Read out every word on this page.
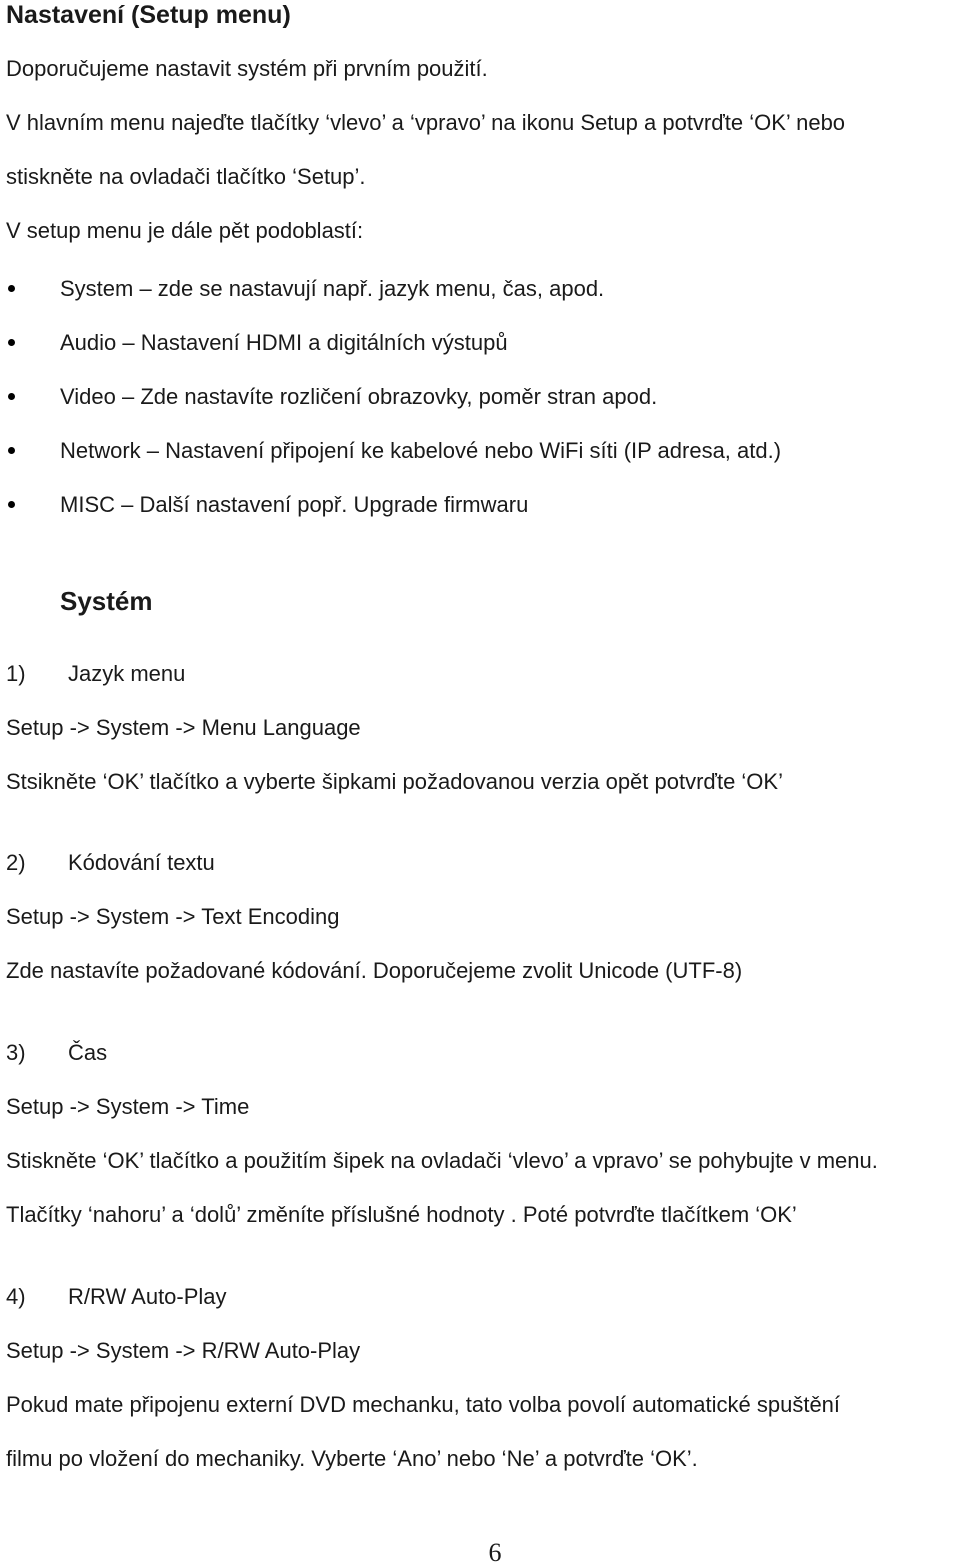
Nastavení (Setup menu)
Doporučujeme nastavit systém při prvním použití.
V hlavním menu najeďte tlačítky ‘vlevo’ a ‘vpravo’ na ikonu Setup a potvrďte ‘OK’ nebo
stiskněte na ovladači tlačítko ‘Setup’.
V setup menu je dále pět podoblastí:
System – zde se nastavují např. jazyk menu, čas, apod.
Audio – Nastavení HDMI a digitálních výstupů
Video – Zde nastavíte rozličení obrazovky, poměr stran apod.
Network – Nastavení připojení ke kabelové nebo WiFi síti (IP adresa, atd.)
MISC – Další nastavení popř. Upgrade firmwaru
Systém
1) Jazyk menu
Setup -> System -> Menu Language
Stsikněte ‘OK’ tlačítko a vyberte šipkami požadovanou verzia opět potvrďte ‘OK’
2) Kódování textu
Setup -> System -> Text Encoding
Zde nastavíte požadované kódování. Doporučejeme zvolit Unicode (UTF-8)
3) Čas
Setup -> System -> Time
Stiskněte ‘OK’ tlačítko a použitím šipek na ovladači ‘vlevo’ a vpravo’ se pohybujte v menu.
Tlačítky ‘nahoru’ a ‘dolů’ změníte příslušné hodnoty . Poté potvrďte tlačítkem ‘OK’
4) R/RW Auto-Play
Setup -> System -> R/RW Auto-Play
Pokud mate připojenu externí DVD mechanku, tato volba povolí automatické spuštění
filmu po vložení do mechaniky. Vyberte ‘Ano’ nebo ‘Ne’ a potvrďte ‘OK’.
6
